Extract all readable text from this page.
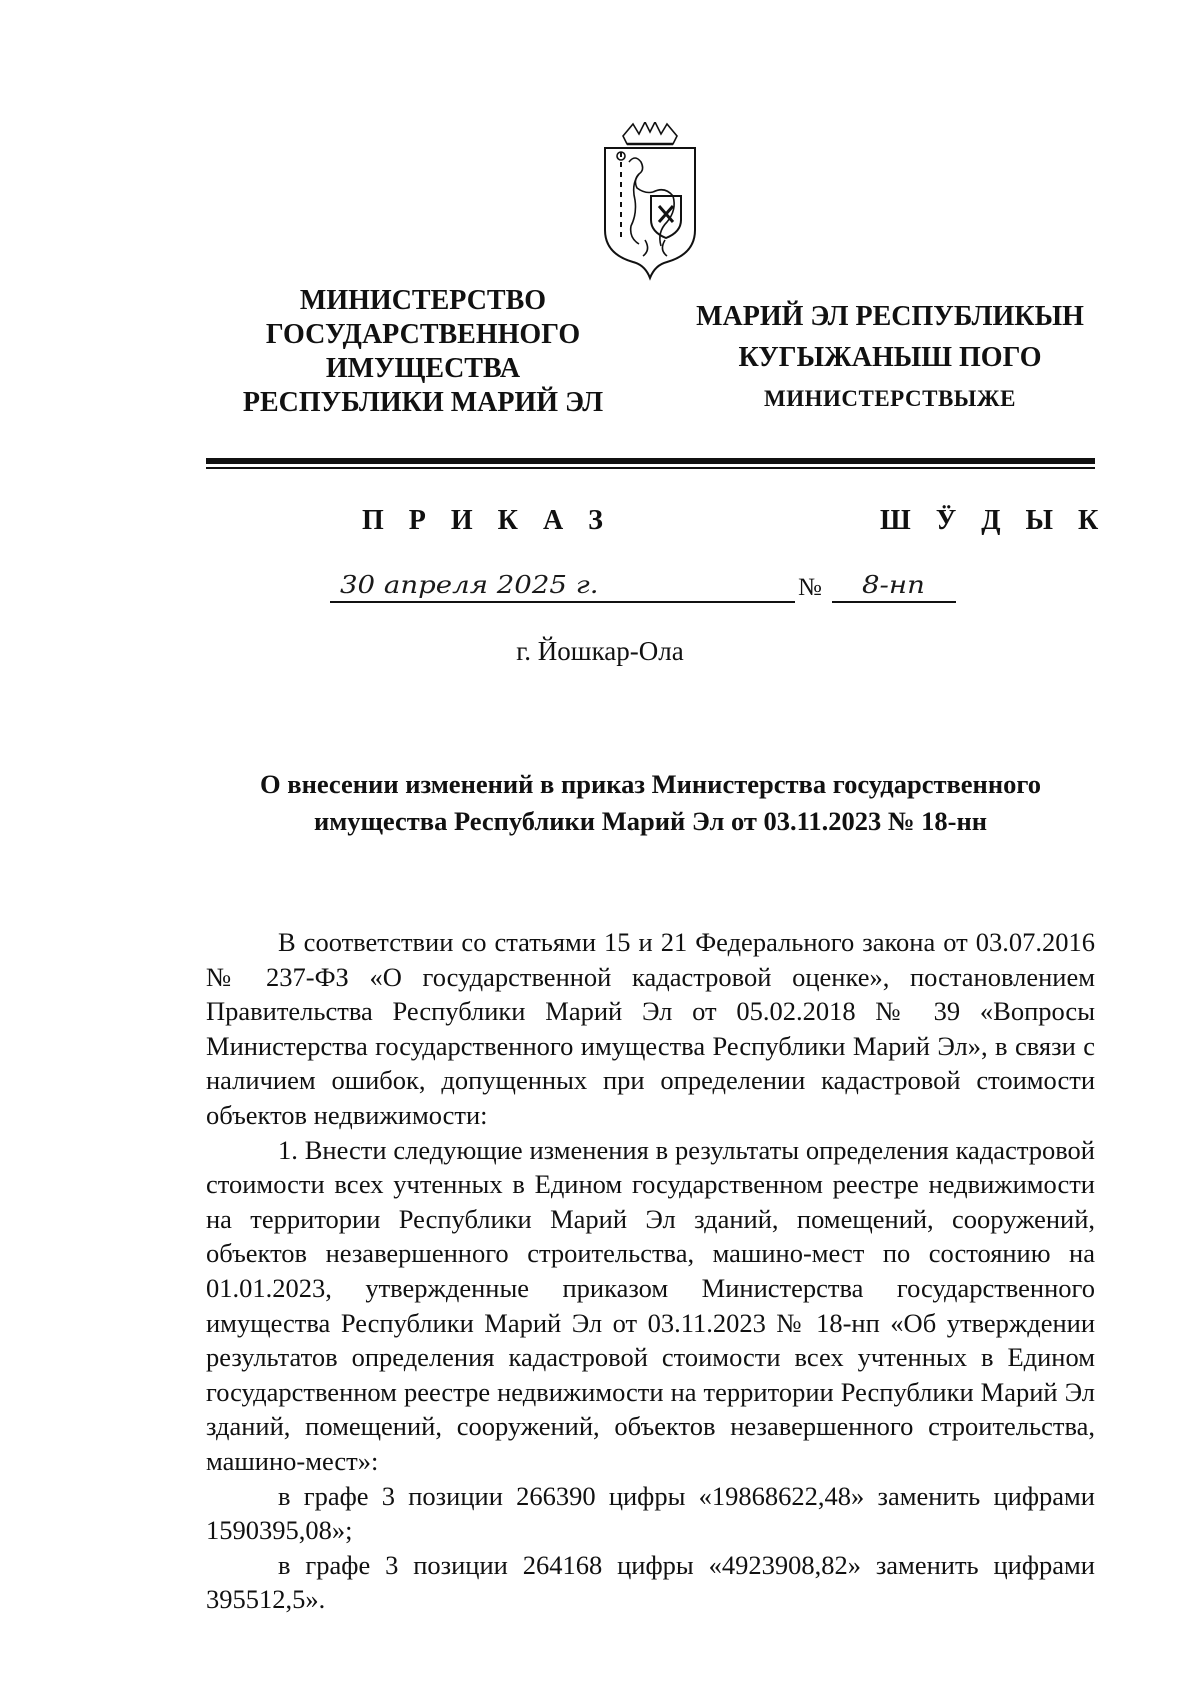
МИНИСТЕРСТВО
ГОСУДАРСТВЕННОГО
ИМУЩЕСТВА
РЕСПУБЛИКИ МАРИЙ ЭЛ
МАРИЙ ЭЛ РЕСПУБЛИКЫН
КУГЫЖАНЫШ ПОГО
МИНИСТЕРСТВЫЖЕ
П Р И К А З	Ш Ӱ Д Ы К
30 апреля 2025 г.	№ 8-нп
г. Йошкар-Ола
О внесении изменений в приказ Министерства государственного
имущества Республики Марий Эл от 03.11.2023 № 18-нн

В соответствии со статьями 15 и 21 Федерального закона от 03.07.2016 № 237-ФЗ «О государственной кадастровой оценке», постановлением Правительства Республики Марий Эл от 05.02.2018 № 39 «Вопросы Министерства государственного имущества Республики Марий Эл», в связи с наличием ошибок, допущенных при определении кадастровой стоимости объектов недвижимости:

1. Внести следующие изменения в результаты определения кадастровой стоимости всех учтенных в Едином государственном реестре недвижимости на территории Республики Марий Эл зданий, помещений, сооружений, объектов незавершенного строительства, машино-мест по состоянию на 01.01.2023, утвержденные приказом Министерства государственного имущества Республики Марий Эл от 03.11.2023 № 18-нп «Об утверждении результатов определения кадастровой стоимости всех учтенных в Едином государственном реестре недвижимости на территории Республики Марий Эл зданий, помещений, сооружений, объектов незавершенного строительства, машино-мест»:

в графе 3 позиции 266390 цифры «19868622,48» заменить цифрами 1590395,08»;

в графе 3 позиции 264168 цифры «4923908,82» заменить цифрами 395512,5».
